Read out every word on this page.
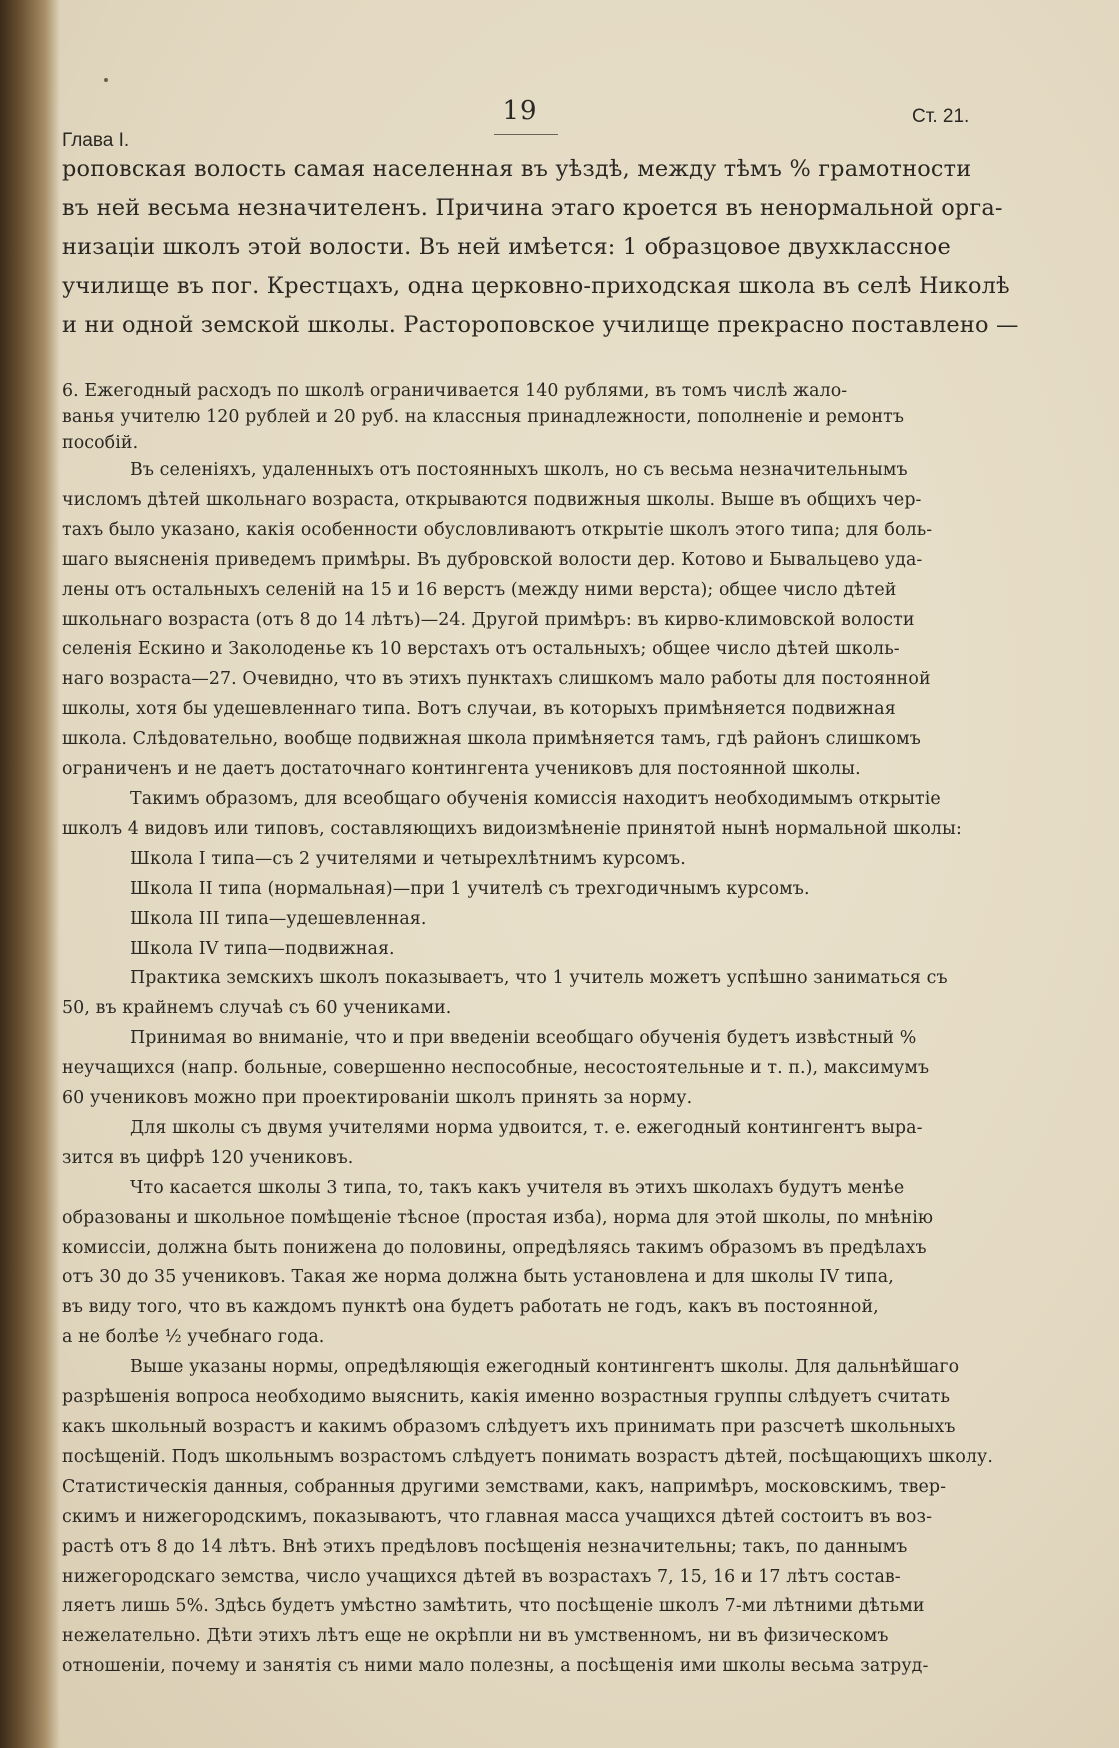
19
Глава I.
Ст. 21.
роповская волость самая населенная въ уѣздѣ, между тѣмъ % грамотности
въ ней весьма незначителенъ. Причина этаго кроется въ ненормальной орга-
низацiи школъ этой волости. Въ ней имѣется: 1 образцовое двухклассное
училище въ пог. Крестцахъ, одна церковно-приходская школа въ селѣ Николѣ
и ни одной земской школы. Растороповское училище прекрасно поставлено —
6. Ежегодный расходъ по школѣ ограничивается 140 рублями, въ томъ числѣ жало-
ванья учителю 120 рублей и 20 руб. на классныя принадлежности, пополненiе и ремонтъ
пособiй.
Въ селенiяхъ, удаленныхъ отъ постоянныхъ школъ, но съ весьма незначительнымъ
числомъ дѣтей школьнаго возраста, открываются подвижныя школы. Выше въ общихъ чер-
тахъ было указано, какiя особенности обусловливаютъ открытiе школъ этого типа; для боль-
шаго выясненiя приведемъ примѣры. Въ дубровской волости дер. Котово и Бывальцево уда-
лены отъ остальныхъ селенiй на 15 и 16 верстъ (между ними верста); общее число дѣтей
школьнаго возраста (отъ 8 до 14 лѣтъ)—24. Другой примѣръ: въ кирво-климовской волости
селенiя Ескино и Заколоденье къ 10 верстахъ отъ остальныхъ; общее число дѣтей школь-
наго возраста—27. Очевидно, что въ этихъ пунктахъ слишкомъ мало работы для постоянной
школы, хотя бы удешевленнаго типа. Вотъ случаи, въ которыхъ примѣняется подвижная
школа. Слѣдовательно, вообще подвижная школа примѣняется тамъ, гдѣ районъ слишкомъ
ограниченъ и не даетъ достаточнаго контингента учениковъ для постоянной школы.
Такимъ образомъ, для всеобщаго обученiя комиссiя находитъ необходимымъ открытiе
школъ 4 видовъ или типовъ, составляющихъ видоизмѣненiе принятой нынѣ нормальной школы:
Школа I типа—съ 2 учителями и четырехлѣтнимъ курсомъ.
Школа II типа (нормальная)—при 1 учителѣ съ трехгодичнымъ курсомъ.
Школа III типа—удешевленная.
Школа IV типа—подвижная.
Практика земскихъ школъ показываетъ, что 1 учитель можетъ успѣшно заниматься съ
50, въ крайнемъ случаѣ съ 60 учениками.
Принимая во вниманiе, что и при введенiи всеобщаго обученiя будетъ извѣстный %
неучащихся (напр. больные, совершенно неспособные, несостоятельные и т. п.), максимумъ
60 учениковъ можно при проектированiи школъ принять за норму.
Для школы съ двумя учителями норма удвоится, т. е. ежегодный контингентъ выра-
зится въ цифрѣ 120 учениковъ.
Что касается школы 3 типа, то, такъ какъ учителя въ этихъ школахъ будутъ менѣе
образованы и школьное помѣщенiе тѣсное (простая изба), норма для этой школы, по мнѣнiю
комиссiи, должна быть понижена до половины, опредѣляясь такимъ образомъ въ предѣлахъ
отъ 30 до 35 учениковъ. Такая же норма должна быть установлена и для школы IV типа,
въ виду того, что въ каждомъ пунктѣ она будетъ работать не годъ, какъ въ постоянной,
а не болѣе ½ учебнаго года.
Выше указаны нормы, опредѣляющiя ежегодный контингентъ школы. Для дальнѣйшаго
разрѣшенiя вопроса необходимо выяснить, какiя именно возрастныя группы слѣдуетъ считать
какъ школьный возрастъ и какимъ образомъ слѣдуетъ ихъ принимать при разсчетѣ школьныхъ
посѣщенiй. Подъ школьнымъ возрастомъ слѣдуетъ понимать возрастъ дѣтей, посѣщающихъ школу.
Статистическiя данныя, собранныя другими земствами, какъ, напримѣръ, московскимъ, твер-
скимъ и нижегородскимъ, показываютъ, что главная масса учащихся дѣтей состоитъ въ воз-
растѣ отъ 8 до 14 лѣтъ. Внѣ этихъ предѣловъ посѣщенiя незначительны; такъ, по даннымъ
нижегородскаго земства, число учащихся дѣтей въ возрастахъ 7, 15, 16 и 17 лѣтъ состав-
ляетъ лишь 5%. Здѣсь будетъ умѣстно замѣтить, что посѣщенiе школъ 7-ми лѣтними дѣтьми
нежелательно. Дѣти этихъ лѣтъ еще не окрѣпли ни въ умственномъ, ни въ физическомъ
отношенiи, почему и занятiя съ ними мало полезны, а посѣщенiя ими школы весьма затруд-
